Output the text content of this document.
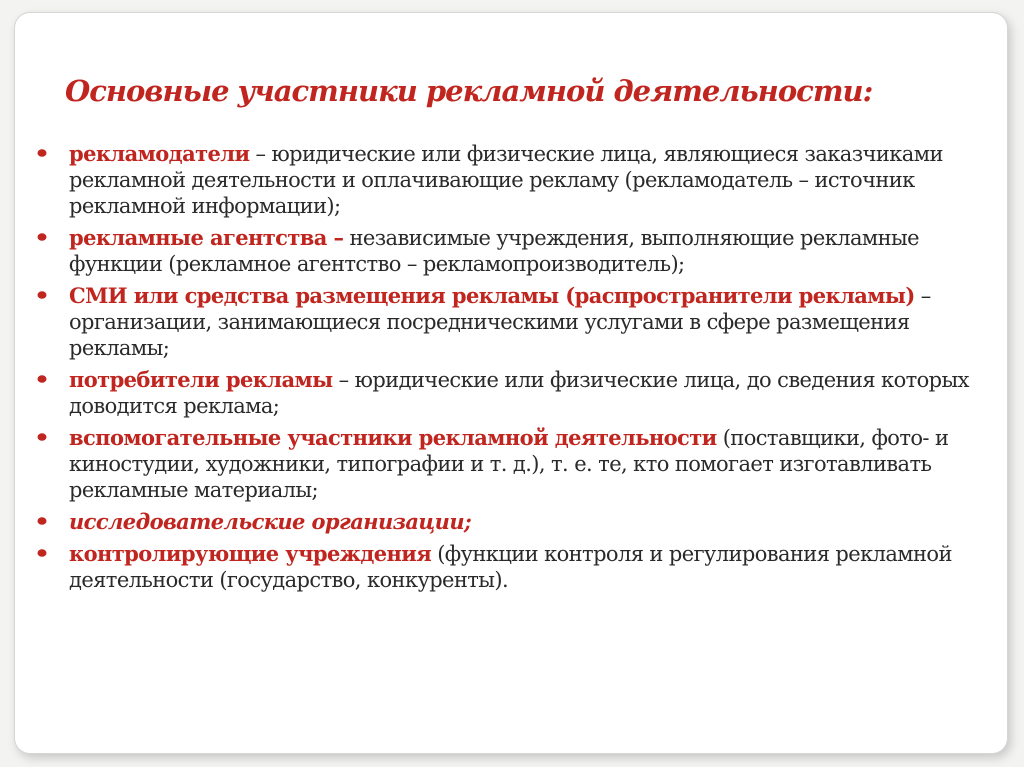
Основные участники рекламной деятельности:
рекламодатели – юридические или физические лица, являющиеся заказчиками рекламной деятельности и оплачивающие рекламу (рекламодатель – источник рекламной информации);
рекламные агентства – независимые учреждения, выполняющие рекламные функции (рекламное агентство – рекламопроизводитель);
СМИ или средства размещения рекламы (распространители рекламы) – организации, занимающиеся посредническими услугами в сфере размещения рекламы;
потребители рекламы – юридические или физические лица, до сведения которых доводится реклама;
вспомогательные участники рекламной деятельности (поставщики, фото- и киностудии, художники, типографии и т. д.), т. е. те, кто помогает изготавливать рекламные материалы;
исследовательские организации;
контролирующие учреждения (функции контроля и регулирования рекламной деятельности (государство, конкуренты).
